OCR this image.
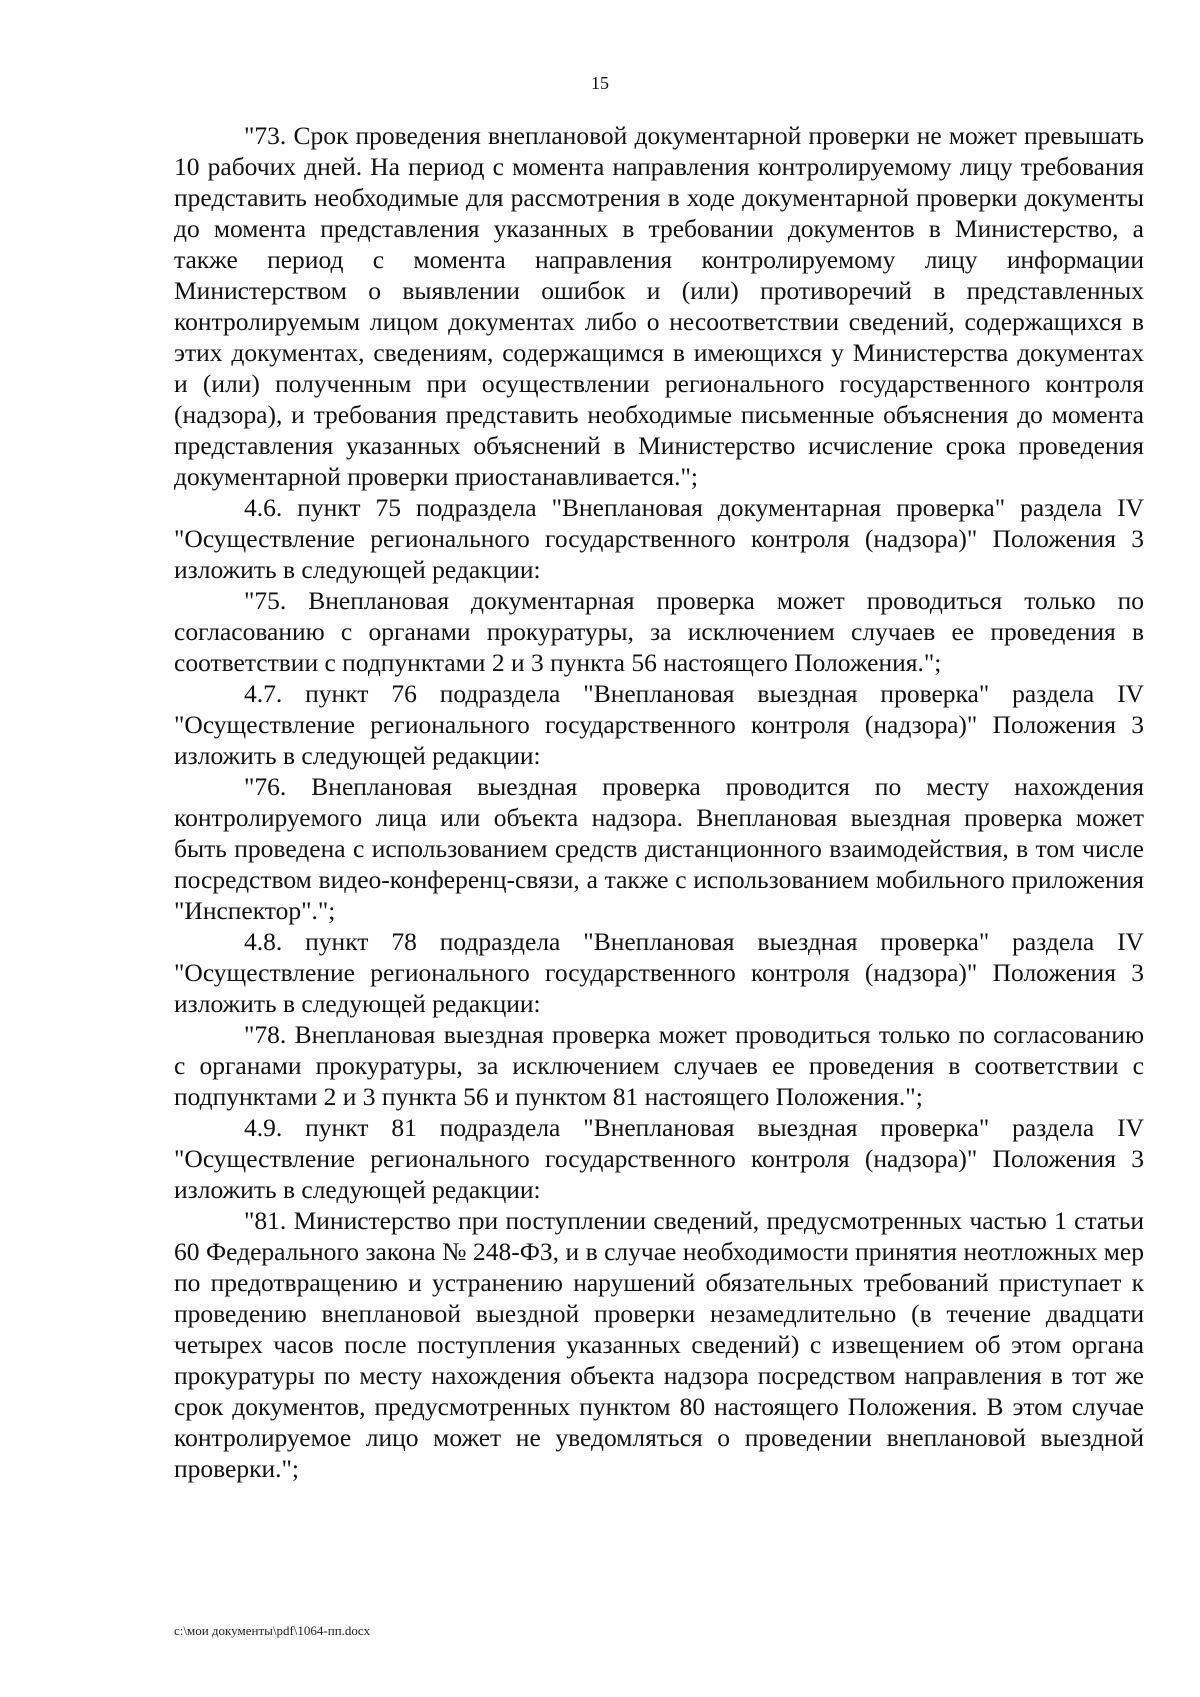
15

"73. Срок проведения внеплановой документарной проверки не может превышать 10 рабочих дней. На период с момента направления контролируемому лицу требования представить необходимые для рассмотрения в ходе документарной проверки документы до момента представления указанных в требовании документов в Министерство, а также период с момента направления контролируемому лицу информации Министерством о выявлении ошибок и (или) противоречий в представленных контролируемым лицом документах либо о несоответствии сведений, содержащихся в этих документах, сведениям, содержащимся в имеющихся у Министерства документах и (или) полученным при осуществлении регионального государственного контроля (надзора), и требования представить необходимые письменные объяснения до момента представления указанных объяснений в Министерство исчисление срока проведения документарной проверки приостанавливается.";

4.6. пункт 75 подраздела "Внеплановая документарная проверка" раздела IV "Осуществление регионального государственного контроля (надзора)" Положения 3 изложить в следующей редакции:

"75. Внеплановая документарная проверка может проводиться только по согласованию с органами прокуратуры, за исключением случаев ее проведения в соответствии с подпунктами 2 и 3 пункта 56 настоящего Положения.";

4.7. пункт 76 подраздела "Внеплановая выездная проверка" раздела IV "Осуществление регионального государственного контроля (надзора)" Положения 3 изложить в следующей редакции:

"76. Внеплановая выездная проверка проводится по месту нахождения контролируемого лица или объекта надзора. Внеплановая выездная проверка может быть проведена с использованием средств дистанционного взаимодействия, в том числе посредством видео-конференц-связи, а также с использованием мобильного приложения "Инспектор".";

4.8. пункт 78 подраздела "Внеплановая выездная проверка" раздела IV "Осуществление регионального государственного контроля (надзора)" Положения 3 изложить в следующей редакции:

"78. Внеплановая выездная проверка может проводиться только по согласованию с органами прокуратуры, за исключением случаев ее проведения в соответствии с подпунктами 2 и 3 пункта 56 и пунктом 81 настоящего Положения.";

4.9. пункт 81 подраздела "Внеплановая выездная проверка" раздела IV "Осуществление регионального государственного контроля (надзора)" Положения 3 изложить в следующей редакции:

"81. Министерство при поступлении сведений, предусмотренных частью 1 статьи 60 Федерального закона № 248-ФЗ, и в случае необходимости принятия неотложных мер по предотвращению и устранению нарушений обязательных требований приступает к проведению внеплановой выездной проверки незамедлительно (в течение двадцати четырех часов после поступления указанных сведений) с извещением об этом органа прокуратуры по месту нахождения объекта надзора посредством направления в тот же срок документов, предусмотренных пунктом 80 настоящего Положения. В этом случае контролируемое лицо может не уведомляться о проведении внеплановой выездной проверки.";

c:\мои документы\pdf\1064-пп.docx
